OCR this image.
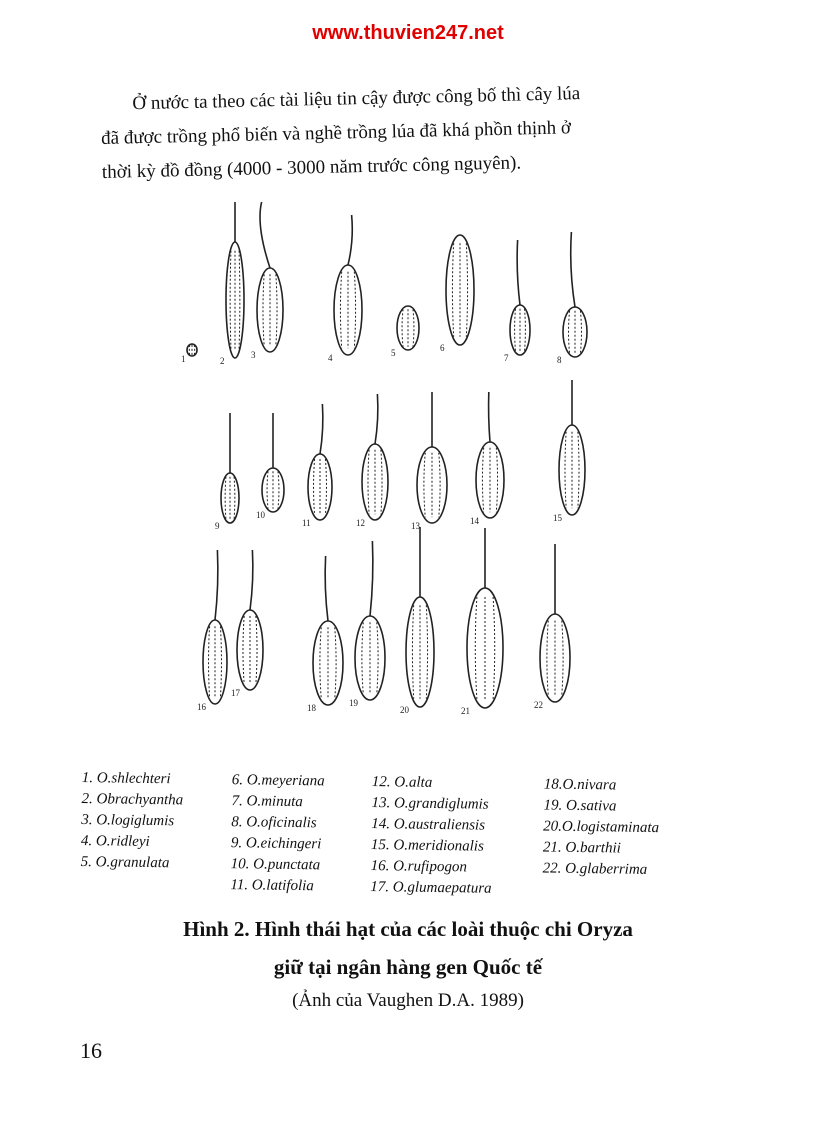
www.thuvien247.net

Ở nước ta theo các tài liệu tin cậy được công bố thì cây lúa

đã được trồng phổ biến và nghề trồng lúa đã khá phồn thịnh ở

thời kỳ đồ đồng (4000 - 3000 năm trước công nguyên).

1	2
3	4	5	6
7	8
9
10
11	12	13	14	15
16
17
18	19
20	21
22
1. O.shlechteri
2. Obrachyantha
3. O.logiglumis
4. O.ridleyi
5. O.granulata
6. O.meyeriana
7. O.minuta
8. O.oficinalis
9. O.eichingeri
10. O.punctata
11. O.latifolia
12. O.alta
13. O.grandiglumis
14. O.australiensis
15. O.meridionalis
16. O.rufipogon
17. O.glumaepatura
18.O.nivara
19. O.sativa
20.O.logistaminata
21. O.barthii
22. O.glaberrima
Hình 2. Hình thái hạt của các loài thuộc chi Oryza
giữ tại ngân hàng gen Quốc tế
(Ảnh của Vaughen D.A. 1989)
16
